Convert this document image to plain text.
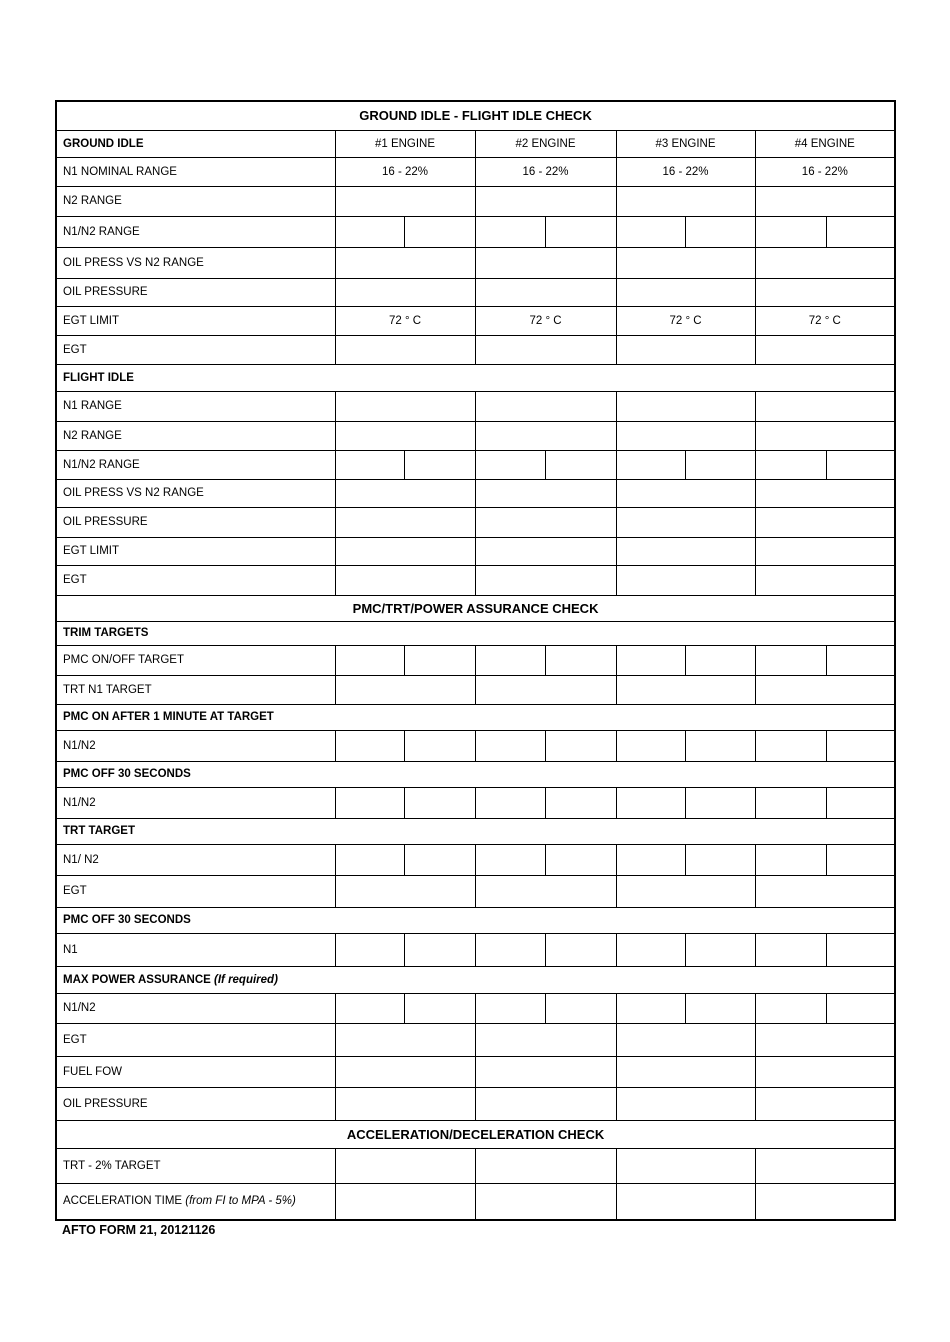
GROUND IDLE - FLIGHT IDLE CHECK								
GROUND IDLE	#1 ENGINE		#2 ENGINE		#3 ENGINE		#4 ENGINE	
N1 NOMINAL RANGE	16 - 22%		16 - 22%		16 - 22%		16 - 22%	
N2 RANGE								
N1/N2 RANGE								
OIL PRESS VS N2 RANGE								
OIL PRESSURE								
EGT LIMIT	72 ° C		72 ° C		72 ° C		72 ° C	
EGT								
FLIGHT IDLE								
N1 RANGE								
N2 RANGE								
N1/N2 RANGE								
OIL PRESS VS N2 RANGE								
OIL PRESSURE								
EGT LIMIT								
EGT								
PMC/TRT/POWER ASSURANCE CHECK								
TRIM TARGETS								
PMC ON/OFF TARGET								
TRT N1 TARGET								
PMC ON AFTER 1 MINUTE AT TARGET								
N1/N2								
PMC OFF 30 SECONDS								
N1/N2								
TRT TARGET								
N1/ N2								
EGT								
PMC OFF 30 SECONDS								
N1								
MAX POWER ASSURANCE (If required)								
N1/N2								
EGT								
FUEL FOW								
OIL PRESSURE								
ACCELERATION/DECELERATION CHECK								
TRT - 2% TARGET								
ACCELERATION TIME (from FI to MPA - 5%)								
AFTO FORM 21, 20121126
